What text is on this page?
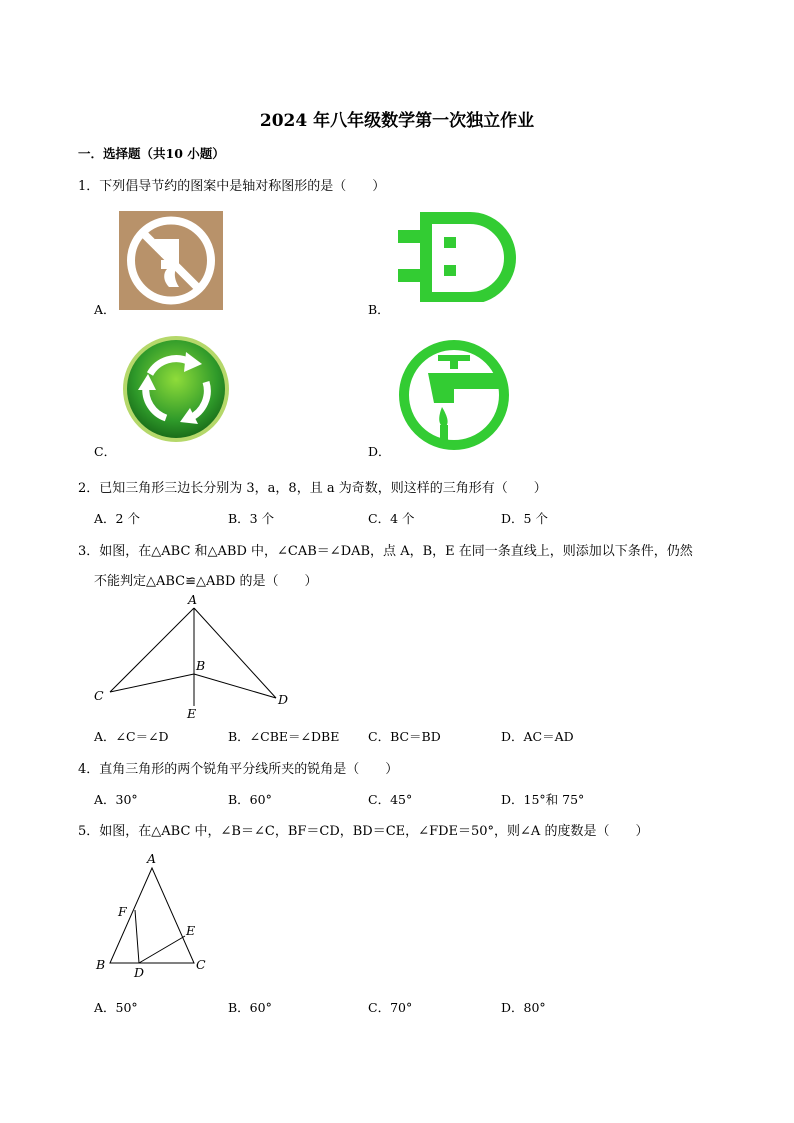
2024 年八年级数学第一次独立作业
一．选择题（共10 小题）
1．下列倡导节约的图案中是轴对称图形的是（　　）
A．	B．
C．	D．
2．已知三角形三边长分别为 3，a，8，且 a 为奇数，则这样的三角形有（　　）
A．2 个	B．3 个	C．4 个	D．5 个
3．如图，在△ABC 和△ABD 中，∠CAB＝∠DAB，点 A，B，E 在同一条直线上，则添加以下条件，仍然
不能判定△ABC≌△ABD 的是（　　）
A
B
C	D
E
A．∠C＝∠D	B．∠CBE＝∠DBE C．BC＝BD	D．AC＝AD
4．直角三角形的两个锐角平分线所夹的锐角是（　　）
A．30°	B．60°	C．45°	D．15°和 75°
5．如图，在△ABC 中，∠B＝∠C，BF＝CD，BD＝CE，∠FDE＝50°，则∠A 的度数是（　　）
A
F
E
B
D
C
A．50°	B．60°	C．70°	D．80°
